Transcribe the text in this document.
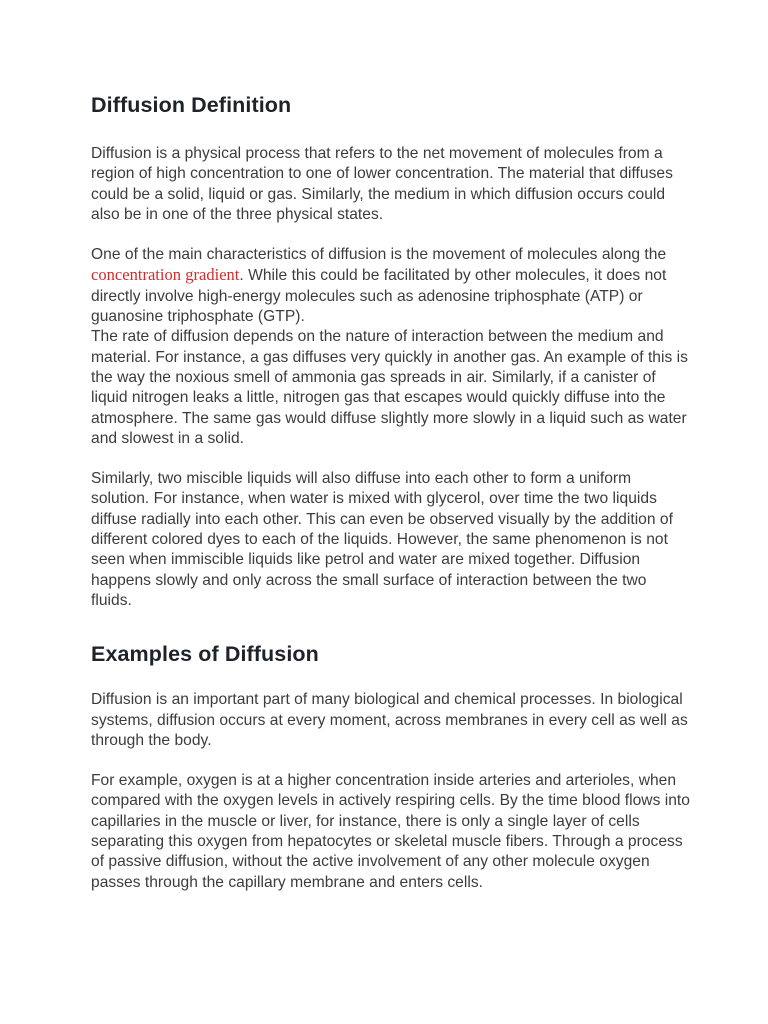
Diffusion Definition

Diffusion is a physical process that refers to the net movement of molecules from a region of high concentration to one of lower concentration. The material that diffuses could be a solid, liquid or gas. Similarly, the medium in which diffusion occurs could also be in one of the three physical states.

One of the main characteristics of diffusion is the movement of molecules along the concentration gradient. While this could be facilitated by other molecules, it does not directly involve high-energy molecules such as adenosine triphosphate (ATP) or guanosine triphosphate (GTP).

The rate of diffusion depends on the nature of interaction between the medium and material. For instance, a gas diffuses very quickly in another gas. An example of this is the way the noxious smell of ammonia gas spreads in air. Similarly, if a canister of liquid nitrogen leaks a little, nitrogen gas that escapes would quickly diffuse into the atmosphere. The same gas would diffuse slightly more slowly in a liquid such as water and slowest in a solid.

Similarly, two miscible liquids will also diffuse into each other to form a uniform solution. For instance, when water is mixed with glycerol, over time the two liquids diffuse radially into each other. This can even be observed visually by the addition of different colored dyes to each of the liquids. However, the same phenomenon is not seen when immiscible liquids like petrol and water are mixed together. Diffusion happens slowly and only across the small surface of interaction between the two fluids.

Examples of Diffusion

Diffusion is an important part of many biological and chemical processes. In biological systems, diffusion occurs at every moment, across membranes in every cell as well as through the body.

For example, oxygen is at a higher concentration inside arteries and arterioles, when compared with the oxygen levels in actively respiring cells. By the time blood flows into capillaries in the muscle or liver, for instance, there is only a single layer of cells separating this oxygen from hepatocytes or skeletal muscle fibers. Through a process of passive diffusion, without the active involvement of any other molecule oxygen passes through the capillary membrane and enters cells.
